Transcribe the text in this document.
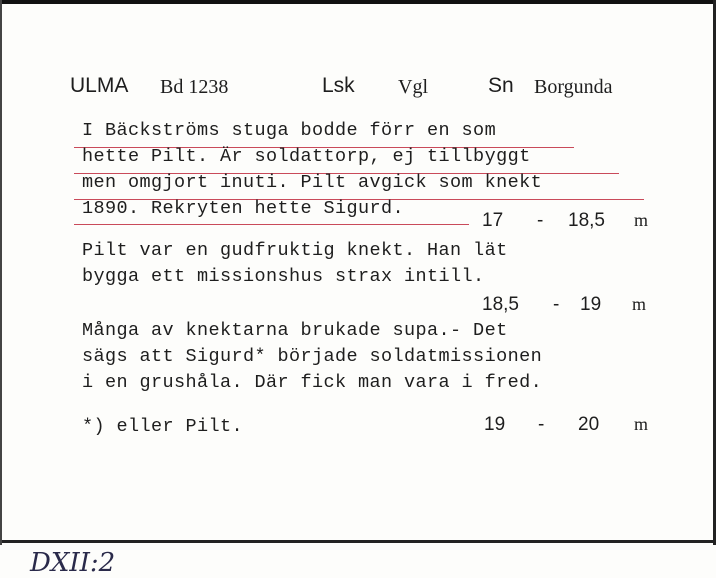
ULMA Bd 1238	Lsk Vgl	Sn Borgunda
I Bäckströms stuga bodde förr en som
hette Pilt. Är soldattorp, ej tillbyggt
men omgjort inuti. Pilt avgick som knekt
1890. Rekryten hette Sigurd.
17 - 18,5 m
Pilt var en gudfruktig knekt. Han lät
bygga ett missionshus strax intill.
18,5 - 19 m
Många av knektarna brukade supa.- Det
sägs att Sigurd* började soldatmissionen
i en grushåla. Där fick man vara i fred.
*) eller Pilt.	19 - 20 m
DXII:2
